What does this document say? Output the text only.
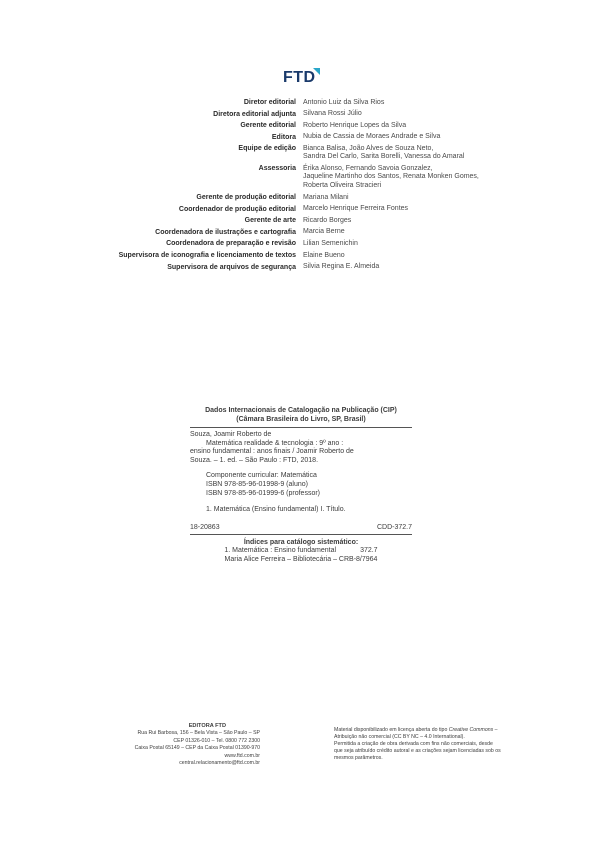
FTD
Diretor editorial Antonio Luiz da Silva Rios
Diretora editorial adjunta Silvana Rossi Júlio
Gerente editorial Roberto Henrique Lopes da Silva
Editora Nubia de Cassia de Moraes Andrade e Silva
Equipe de edição Bianca Balisa, João Alves de Souza Neto,
Sandra Del Carlo, Sarita Borelli, Vanessa do Amaral
Assessoria Érika Alonso, Fernando Savoia Gonzalez,
Jaqueline Martinho dos Santos, Renata Monken Gomes,
Roberta Oliveira Stracieri
Gerente de produção editorial Mariana Milani
Coordenador de produção editorial Marcelo Henrique Ferreira Fontes
Gerente de arte Ricardo Borges
Coordenadora de ilustrações e cartografia Marcia Berne
Coordenadora de preparação e revisão Lilian Semenichin
Supervisora de iconografia e licenciamento de textos Elaine Bueno
Supervisora de arquivos de segurança Silvia Regina E. Almeida
Dados Internacionais de Catalogação na Publicação (CIP)
(Câmara Brasileira do Livro, SP, Brasil)
Souza, Joamir Roberto de
Matemática realidade & tecnologia : 9º ano :
ensino fundamental : anos finais / Joamir Roberto de
Souza. – 1. ed. – São Paulo : FTD, 2018.
Componente curricular: Matemática
ISBN 978-85-96-01998-9 (aluno)
ISBN 978-85-96-01999-6 (professor)
1. Matemática (Ensino fundamental) I. Título.
18-20863	CDD-372.7
Índices para catálogo sistemático:
1. Matemática : Ensino fundamental	372.7
Maria Alice Ferreira – Bibliotecária – CRB-8/7964
EDITORA FTD
Rua Rui Barbosa, 156 – Bela Vista – São Paulo – SP
CEP 01326-010 – Tel. 0800 772 2300
Caixa Postal 65149 – CEP da Caixa Postal 01390-970
www.ftd.com.br
central.relacionamento@ftd.com.br
Material disponibilizado em licença aberta do tipo Creative Commons –
Atribuição não comercial (CC BY NC – 4.0 International).
Permitida a criação de obra derivada com fins não comerciais, desde
que seja atribuído crédito autoral e as criações sejam licenciadas sob os
mesmos parâmetros.
